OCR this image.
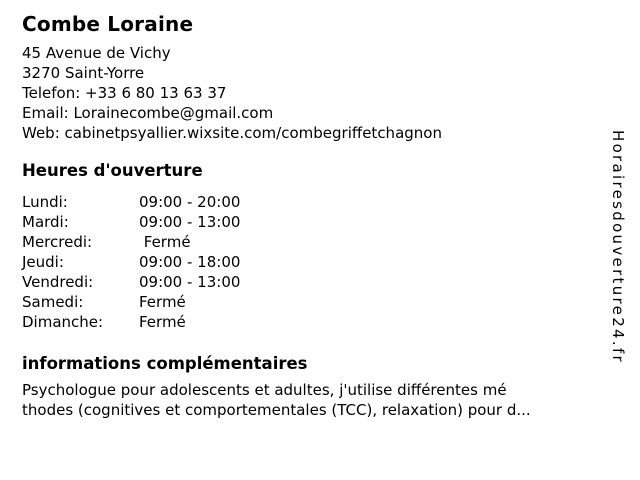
Combe Loraine
45 Avenue de Vichy
3270 Saint-Yorre
Telefon: +33 6 80 13 63 37
Email: Lorainecombe@gmail.com
Web: cabinetpsyallier.wixsite.com/combegriffetchagnon
Heures d'ouverture
Lundi:	09:00 - 20:00
Mardi:	09:00 - 13:00
Mercredi:	Fermé
Jeudi:	09:00 - 18:00
Vendredi:	09:00 - 13:00
Samedi:	Fermé
Dimanche:	Fermé
informations complémentaires
Psychologue pour adolescents et adultes, j'utilise différentes mé
thodes (cognitives et comportementales (TCC), relaxation) pour d...
Horairesdouverture24.fr
